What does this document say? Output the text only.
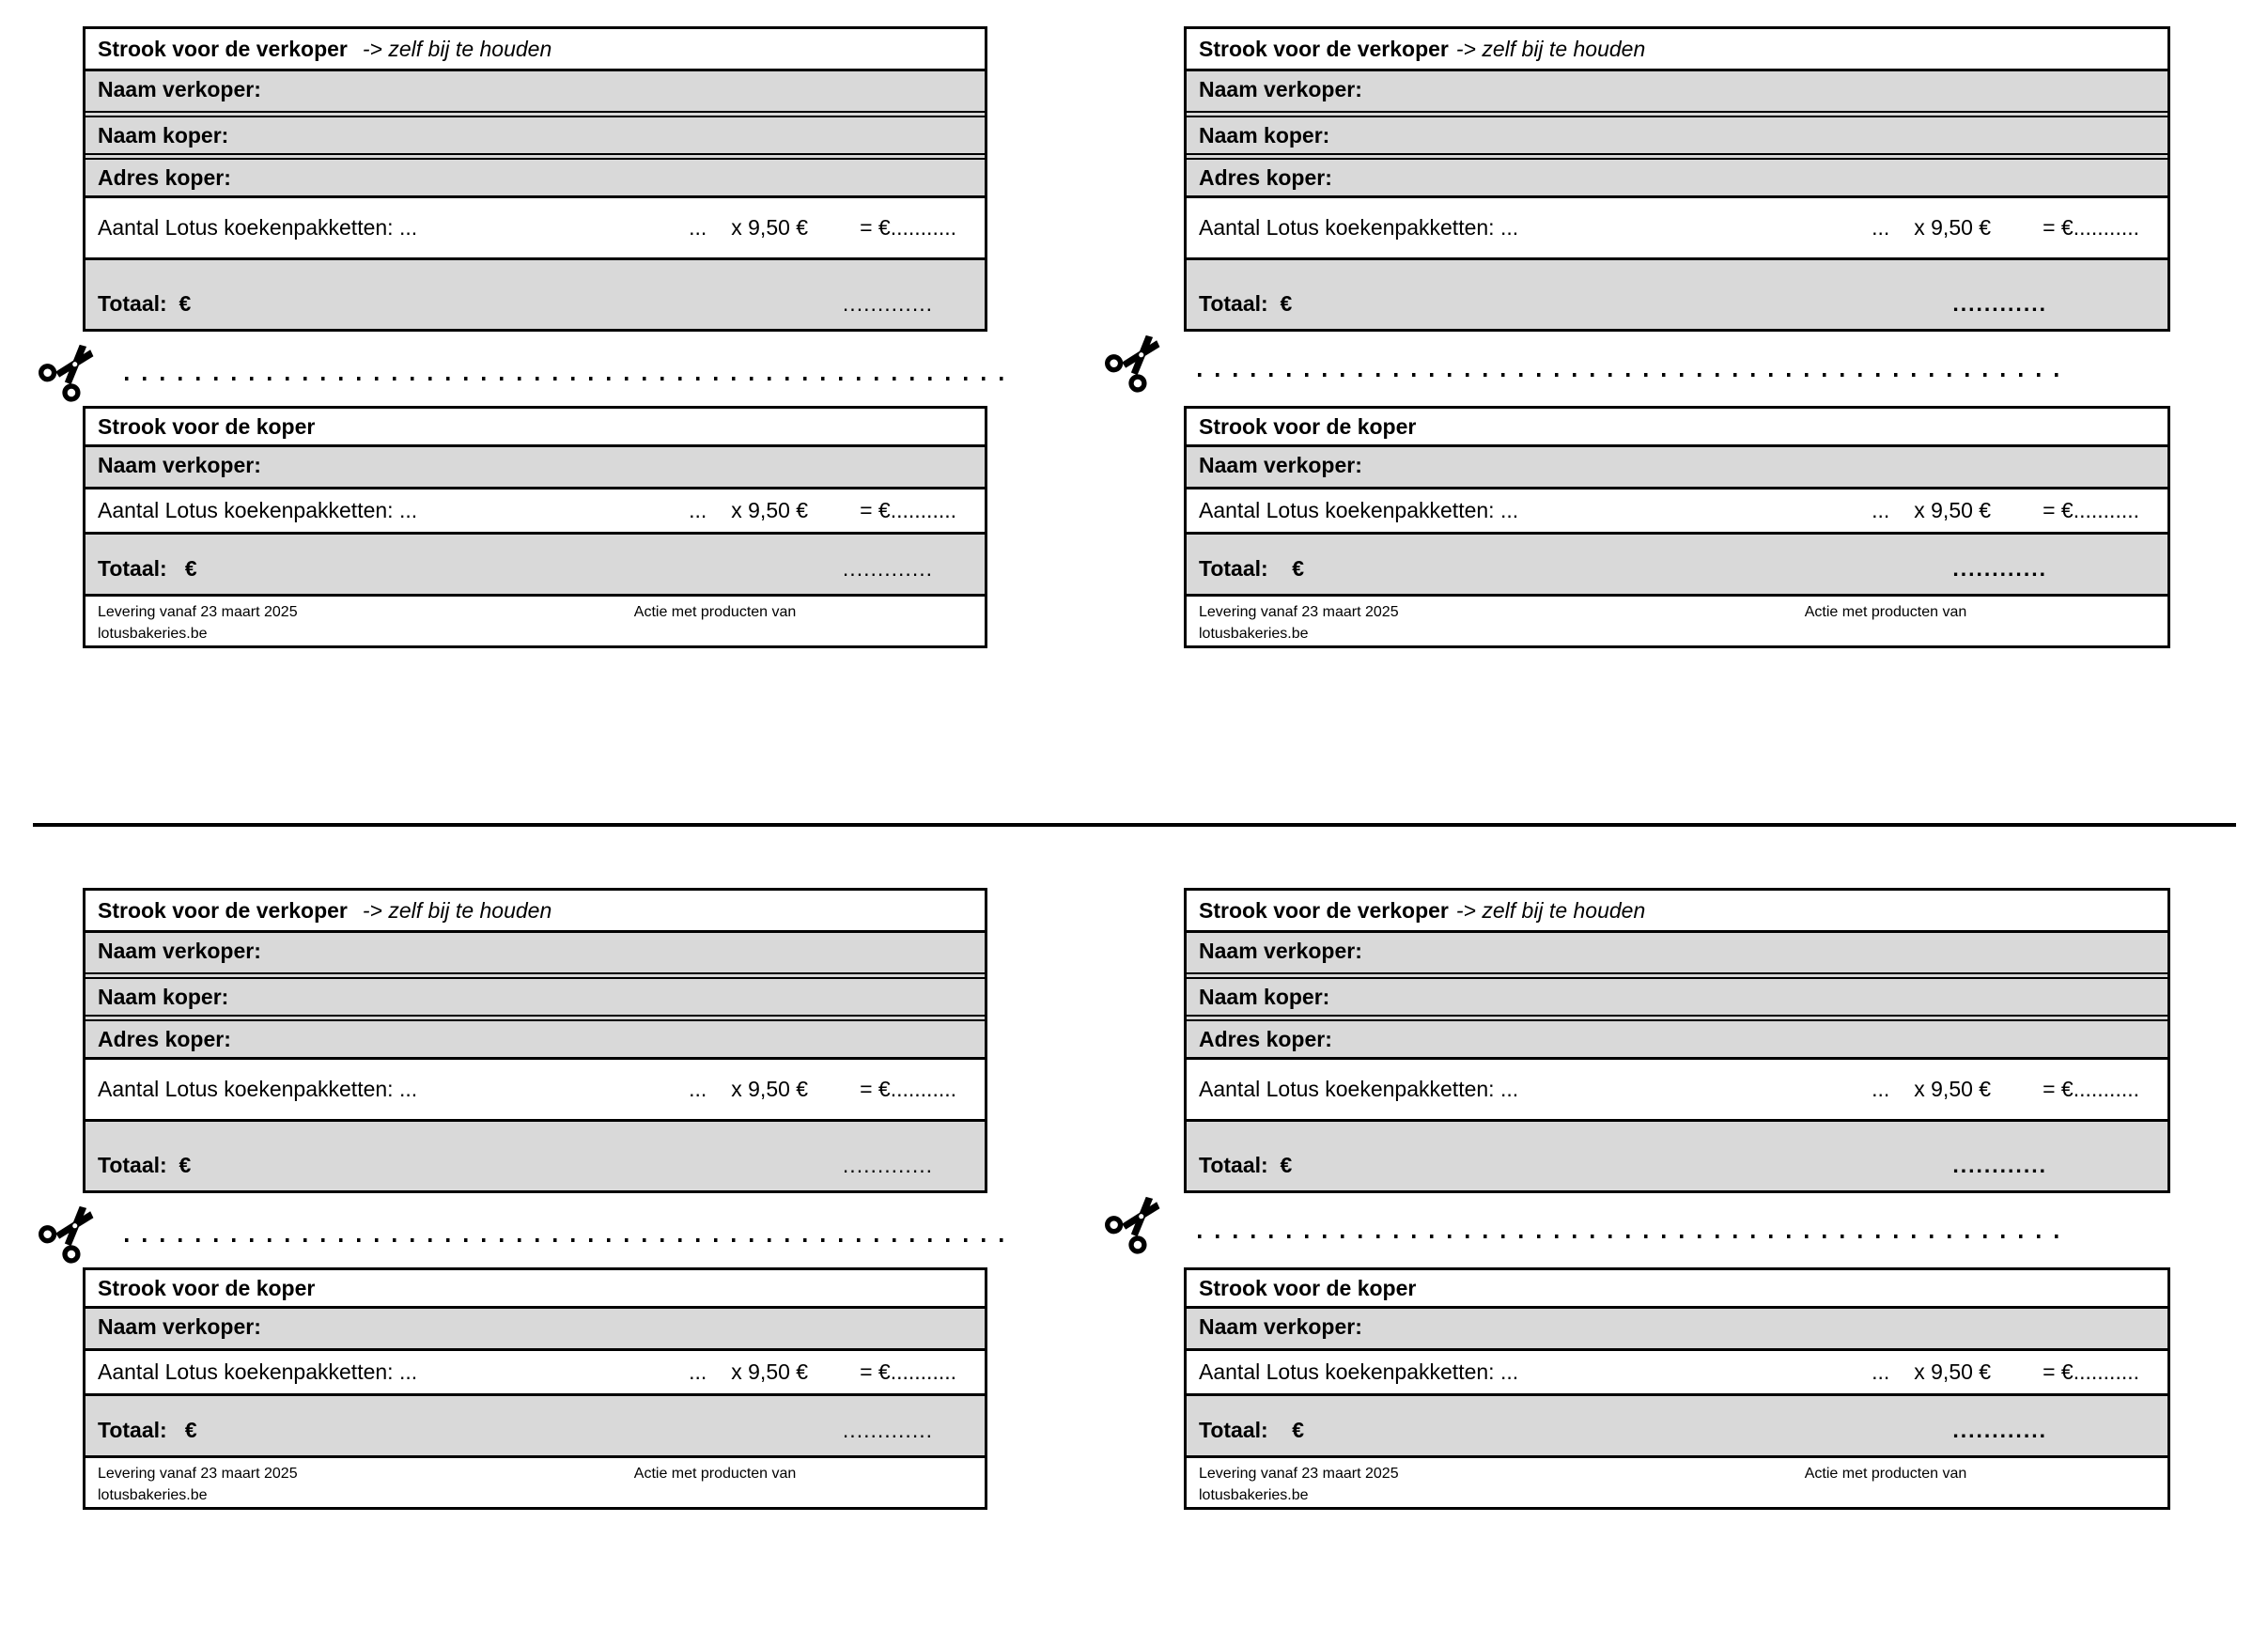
Strook voor de verkoper -> zelf bij te houden
Naam verkoper:
Naam koper:
Adres koper:
Aantal Lotus koekenpakketten: ...	... x 9,50 € = €...........
Totaal:  €	.............
Strook voor de koper
Naam verkoper:
Aantal Lotus koekenpakketten: ...	... x 9,50 € = €...........
Totaal:   €	.............
Levering vanaf 23 maart 2025
lotusbakeries.be
Actie met producten van
Strook voor de verkoper -> zelf bij te houden
Naam verkoper:
Naam koper:
Adres koper:
Aantal Lotus koekenpakketten: ...	... x 9,50 € = €...........
Totaal:  €	............
Strook voor de koper
Naam verkoper:
Aantal Lotus koekenpakketten: ...	... x 9,50 € = €...........
Totaal:    €	............
Levering vanaf 23 maart 2025
lotusbakeries.be
Actie met producten van
Strook voor de verkoper -> zelf bij te houden
Naam verkoper:
Naam koper:
Adres koper:
Aantal Lotus koekenpakketten: ...	... x 9,50 € = €...........
Totaal:  €	.............
Strook voor de koper
Naam verkoper:
Aantal Lotus koekenpakketten: ...	... x 9,50 € = €...........
Totaal:   €	.............
Levering vanaf 23 maart 2025
lotusbakeries.be
Actie met producten van
Strook voor de verkoper -> zelf bij te houden
Naam verkoper:
Naam koper:
Adres koper:
Aantal Lotus koekenpakketten: ...	... x 9,50 € = €...........
Totaal:  €	............
Strook voor de koper
Naam verkoper:
Aantal Lotus koekenpakketten: ...	... x 9,50 € = €...........
Totaal:    €	............
Levering vanaf 23 maart 2025
lotusbakeries.be
Actie met producten van
